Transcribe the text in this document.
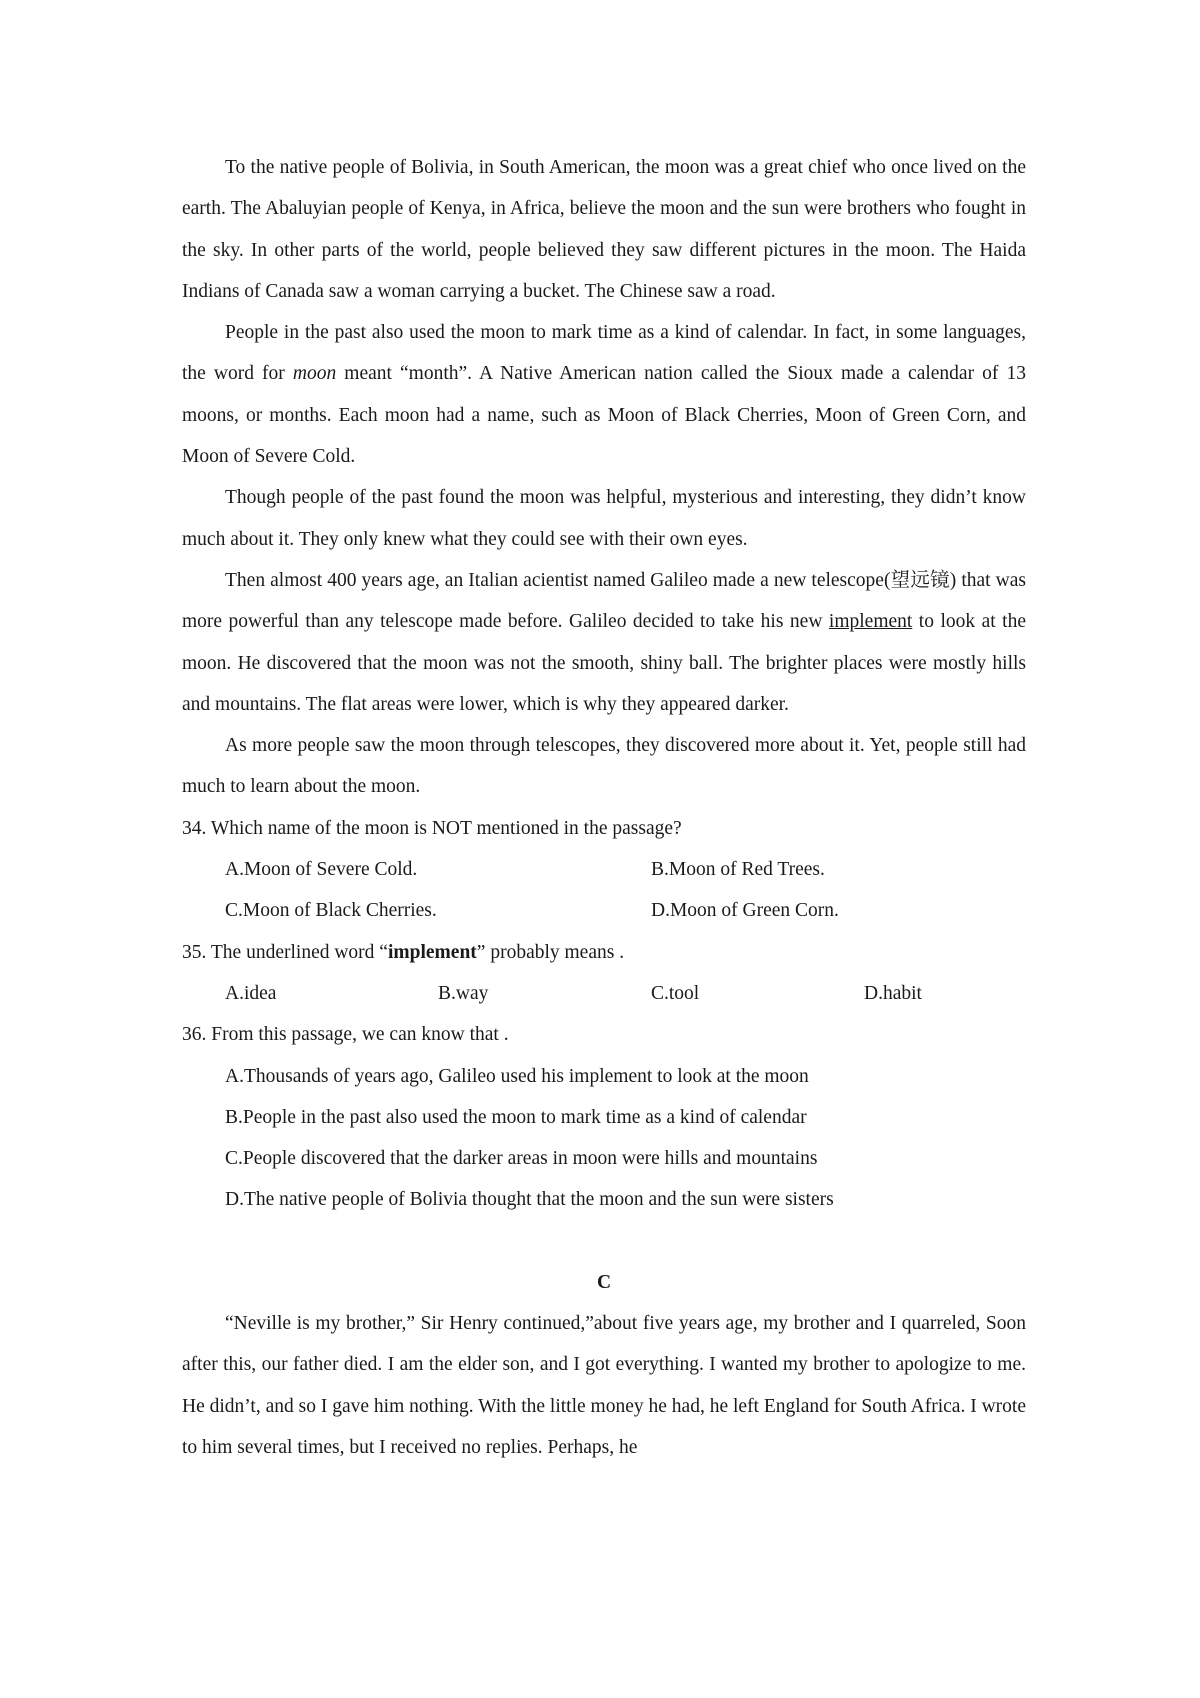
To the native people of Bolivia, in South American, the moon was a great chief who once lived on the earth. The Abaluyian people of Kenya, in Africa, believe the moon and the sun were brothers who fought in the sky. In other parts of the world, people believed they saw different pictures in the moon. The Haida Indians of Canada saw a woman carrying a bucket. The Chinese saw a road.

People in the past also used the moon to mark time as a kind of calendar. In fact, in some languages, the word for moon meant “month”. A Native American nation called the Sioux made a calendar of 13 moons, or months. Each moon had a name, such as Moon of Black Cherries, Moon of Green Corn, and Moon of Severe Cold.

Though people of the past found the moon was helpful, mysterious and interesting, they didn’t know much about it. They only knew what they could see with their own eyes.

Then almost 400 years age, an Italian acientist named Galileo made a new telescope(望远镜) that was more powerful than any telescope made before. Galileo decided to take his new implement to look at the moon. He discovered that the moon was not the smooth, shiny ball. The brighter places were mostly hills and mountains. The flat areas were lower, which is why they appeared darker.

As more people saw the moon through telescopes, they discovered more about it. Yet, people still had much to learn about the moon.

34. Which name of the moon is NOT mentioned in the passage?

A.Moon of Severe Cold.	B.Moon of Red Trees.
C.Moon of Black Cherries.	D.Moon of Green Corn.

35. The underlined word “implement” probably means .

A.idea	B.way	C.tool	D.habit

36. From this passage, we can know that .

A.Thousands of years ago, Galileo used his implement to look at the moon
B.People in the past also used the moon to mark time as a kind of calendar
C.People discovered that the darker areas in moon were hills and mountains
D.The native people of Bolivia thought that the moon and the sun were sisters

C

“Neville is my brother,” Sir Henry continued,”about five years age, my brother and I quarreled, Soon after this, our father died. I am the elder son, and I got everything. I wanted my brother to apologize to me. He didn’t, and so I gave him nothing. With the little money he had, he left England for South Africa. I wrote to him several times, but I received no replies. Perhaps, he
